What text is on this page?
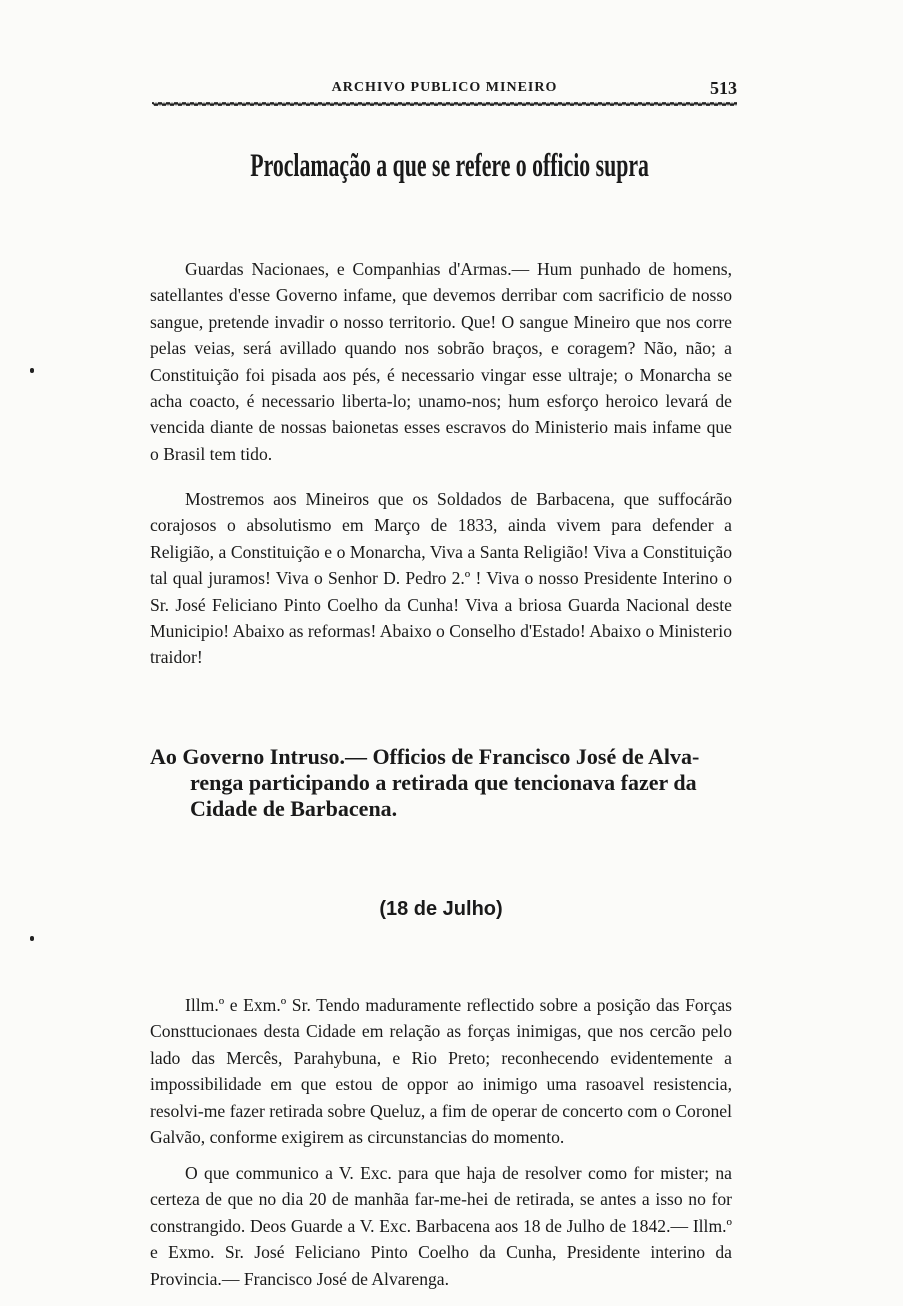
ARCHIVO PUBLICO MINEIRO	513
Proclamação a que se refere o officio supra
Guardas Nacionaes, e Companhias d'Armas.— Hum punhado de homens, satellantes d'esse Governo infame, que devemos derribar com sacrificio de nosso sangue, pretende invadir o nosso territorio. Que! O sangue Mineiro que nos corre pelas veias, será avillado quando nos sobrão braços, e coragem? Não, não; a Constituição foi pisada aos pés, é necessario vingar esse ultraje; o Monarcha se acha coacto, é necessario liberta-lo; unamo-nos; hum esforço heroico levará de vencida diante de nossas baionetas esses escravos do Ministerio mais infame que o Brasil tem tido.
Mostremos aos Mineiros que os Soldados de Barbacena, que suffocárão corajosos o absolutismo em Março de 1833, ainda vivem para defender a Religião, a Constituição e o Monarcha, Viva a Santa Religião! Viva a Constituição tal qual juramos! Viva o Senhor D. Pedro 2.º ! Viva o nosso Presidente Interino o Sr. José Feliciano Pinto Coelho da Cunha! Viva a briosa Guarda Nacional deste Municipio! Abaixo as reformas! Abaixo o Conselho d'Estado! Abaixo o Ministerio traidor!
Ao Governo Intruso.— Officios de Francisco José de Alva-
renga participando a retirada que tencionava fazer da
Cidade de Barbacena.
(18 de Julho)
Illm.º e Exm.º Sr. Tendo maduramente reflectido sobre a posição das Forças Consttucionaes desta Cidade em relação as forças inimigas, que nos cercão pelo lado das Mercês, Parahybuna, e Rio Preto; reconhecendo evidentemente a impossibilidade em que estou de oppor ao inimigo uma rasoavel resistencia, resolvi-me fazer retirada sobre Queluz, a fim de operar de concerto com o Coronel Galvão, conforme exigirem as circunstancias do momento.
O que communico a V. Exc. para que haja de resolver como for mister; na certeza de que no dia 20 de manhãa far-me-hei de retirada, se antes a isso no for constrangido. Deos Guarde a V. Exc. Barbacena aos 18 de Julho de 1842.— Illm.º e Exmo. Sr. José Feliciano Pinto Coelho da Cunha, Presidente interino da Provincia.— Francisco José de Alvarenga.
